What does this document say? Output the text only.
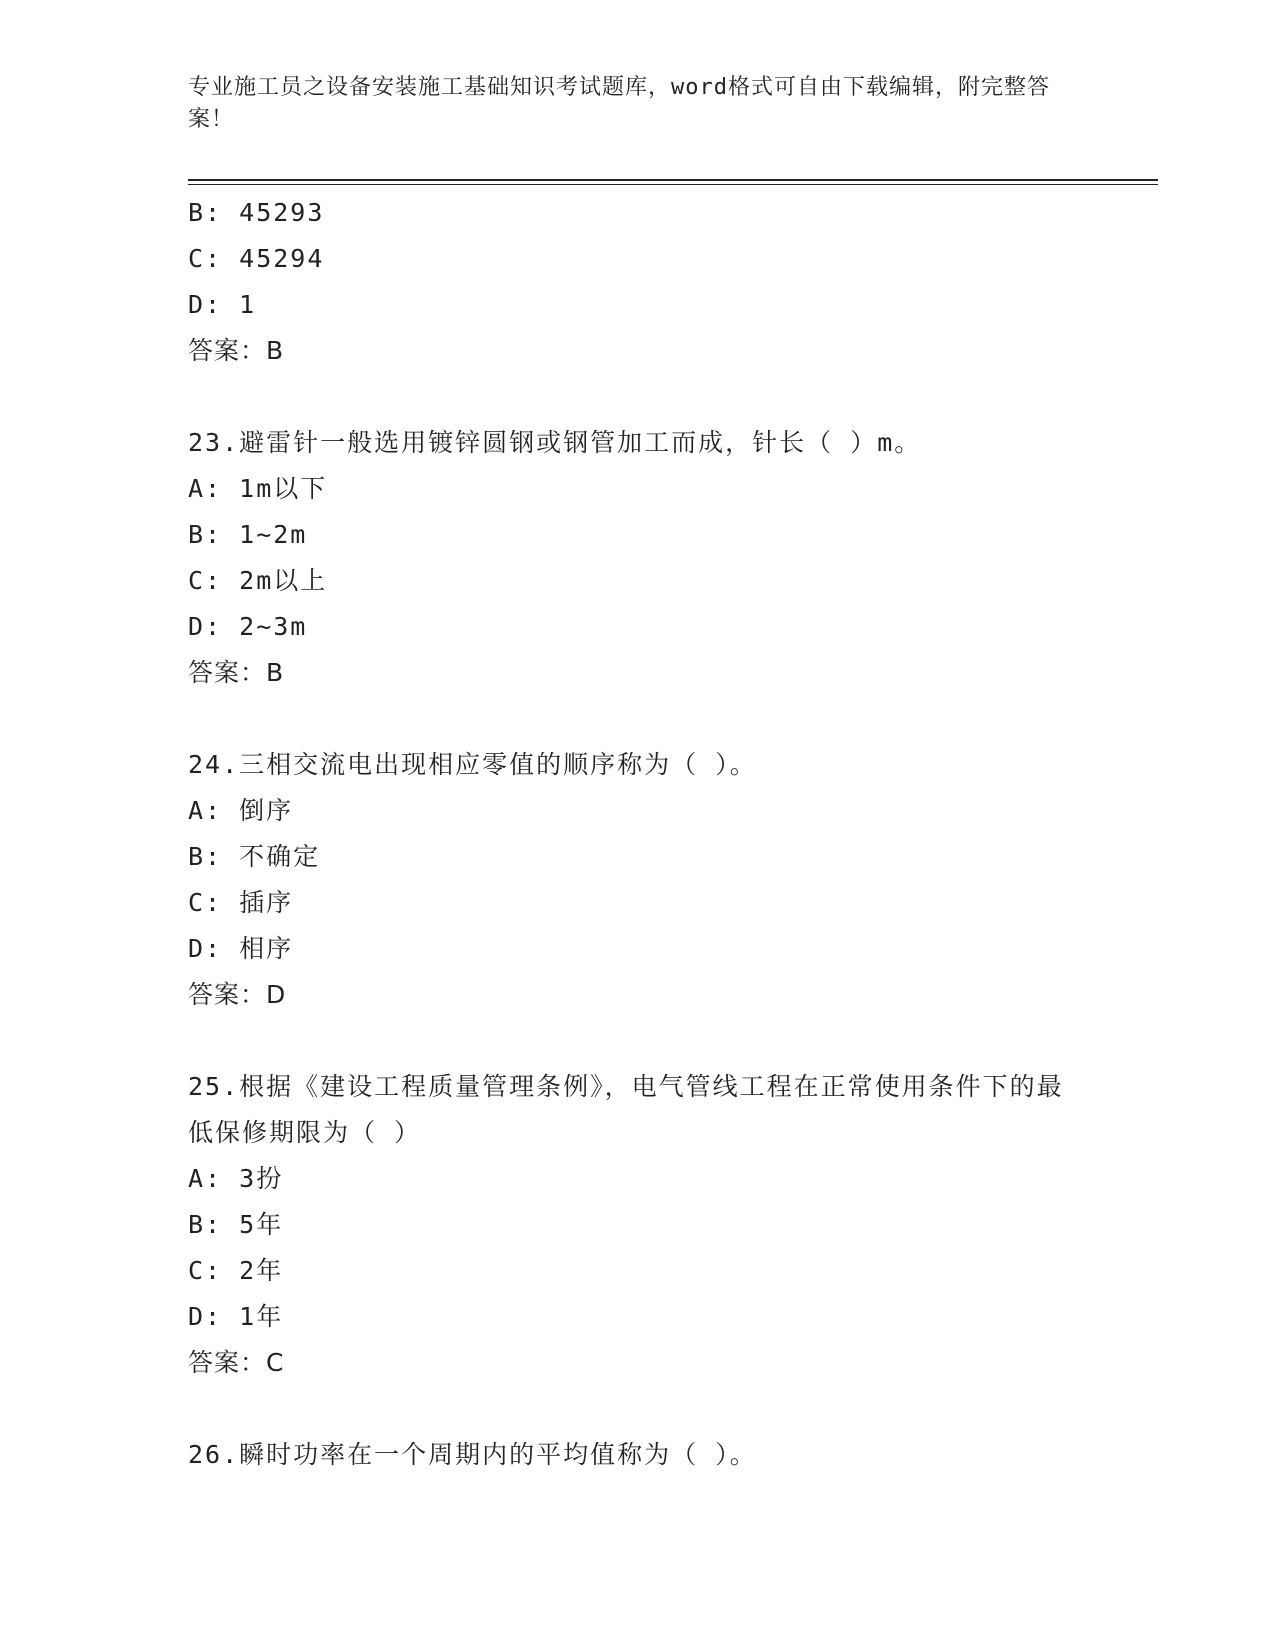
专业施工员之设备安装施工基础知识考试题库，word格式可自由下载编辑，附完整答案！
B: 45293
C: 45294
D: 1
答案：B
23.避雷针一般选用镀锌圆钢或钢管加工而成，针长（ ）m。
A: 1m以下
B: 1~2m
C: 2m以上
D: 2~3m
答案：B
24.三相交流电出现相应零值的顺序称为（ ）。
A: 倒序
B: 不确定
C: 插序
D: 相序
答案：D
25.根据《建设工程质量管理条例》，电气管线工程在正常使用条件下的最低保修期限为（ ）
A: 3扮
B: 5年
C: 2年
D: 1年
答案：C
26.瞬时功率在一个周期内的平均值称为（ ）。
